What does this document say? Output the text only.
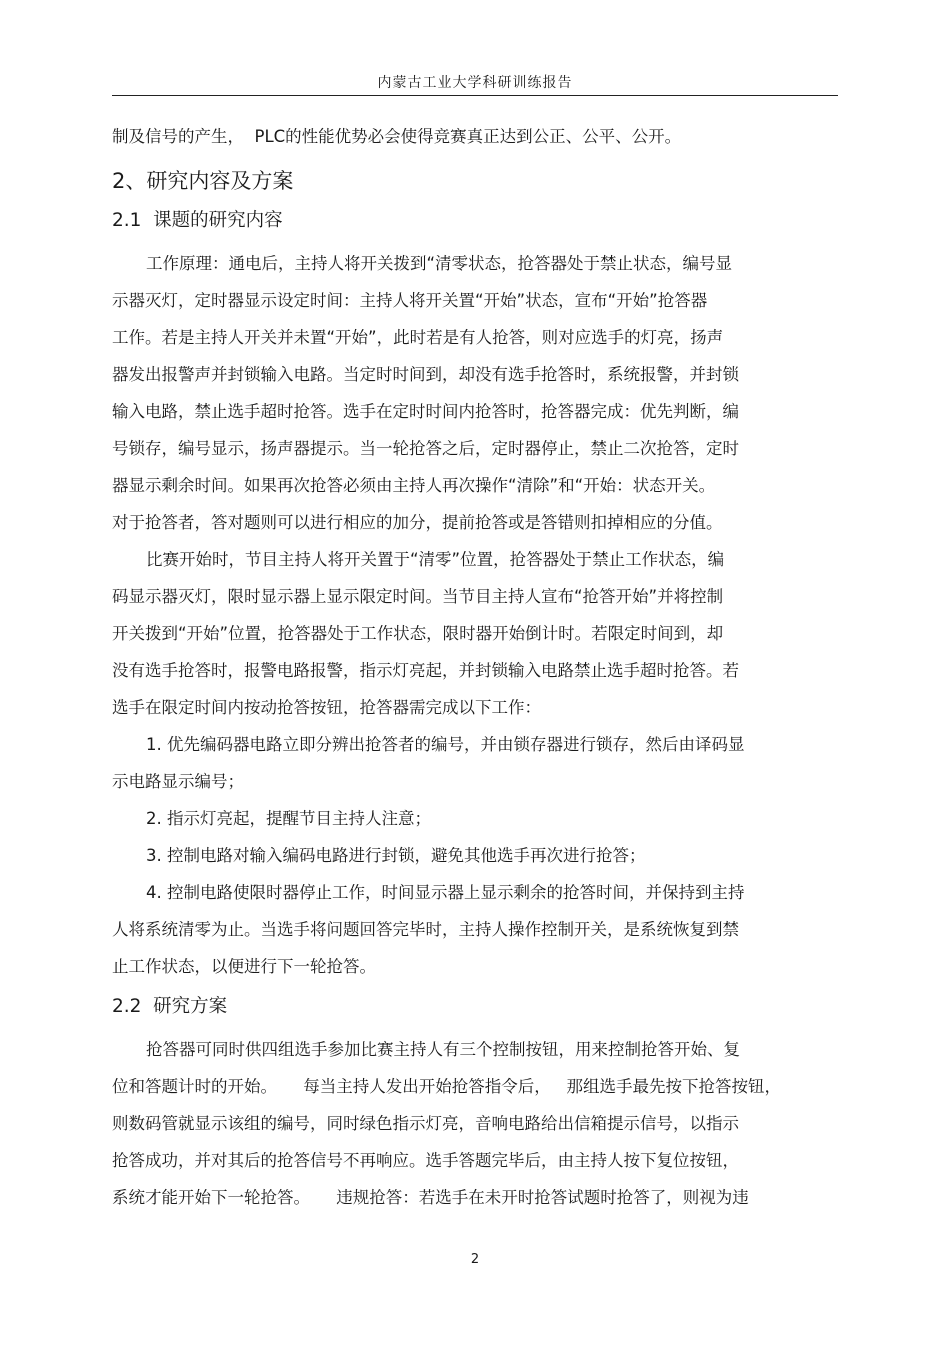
内蒙古工业大学科研训练报告
制及信号的产生，  PLC的性能优势必会使得竞赛真正达到公正、公平、公开。
2、研究内容及方案
2.1  课题的研究内容
工作原理：通电后，主持人将开关拨到“清零状态，抢答器处于禁止状态，编号显
示器灭灯，定时器显示设定时间：主持人将开关置“开始”状态，宣布“开始”抢答器
工作。若是主持人开关并未置“开始”，此时若是有人抢答，则对应选手的灯亮，扬声
器发出报警声并封锁输入电路。当定时时间到，却没有选手抢答时，系统报警，并封锁
输入电路，禁止选手超时抢答。选手在定时时间内抢答时，抢答器完成：优先判断，编
号锁存，编号显示，扬声器提示。当一轮抢答之后，定时器停止，禁止二次抢答，定时
器显示剩余时间。如果再次抢答必须由主持人再次操作“清除”和“开始：状态开关。
对于抢答者，答对题则可以进行相应的加分，提前抢答或是答错则扣掉相应的分值。
比赛开始时，节目主持人将开关置于“清零”位置，抢答器处于禁止工作状态，编
码显示器灭灯，限时显示器上显示限定时间。当节目主持人宣布“抢答开始”并将控制
开关拨到“开始”位置，抢答器处于工作状态，限时器开始倒计时。若限定时间到，却
没有选手抢答时，报警电路报警，指示灯亮起，并封锁输入电路禁止选手超时抢答。若
选手在限定时间内按动抢答按钮，抢答器需完成以下工作：
1. 优先编码器电路立即分辨出抢答者的编号，并由锁存器进行锁存，然后由译码显
示电路显示编号；
2. 指示灯亮起，提醒节目主持人注意；
3. 控制电路对输入编码电路进行封锁，避免其他选手再次进行抢答；
4. 控制电路使限时器停止工作，时间显示器上显示剩余的抢答时间，并保持到主持
人将系统清零为止。当选手将问题回答完毕时，主持人操作控制开关，是系统恢复到禁
止工作状态，以便进行下一轮抢答。
2.2  研究方案
抢答器可同时供四组选手参加比赛主持人有三个控制按钮，用来控制抢答开始、复
位和答题计时的开始。     每当主持人发出开始抢答指令后，   那组选手最先按下抢答按钮，
则数码管就显示该组的编号，同时绿色指示灯亮，音响电路给出信箱提示信号，以指示
抢答成功，并对其后的抢答信号不再响应。选手答题完毕后，由主持人按下复位按钮，
系统才能开始下一轮抢答。     违规抢答：若选手在未开时抢答试题时抢答了，则视为违
2
